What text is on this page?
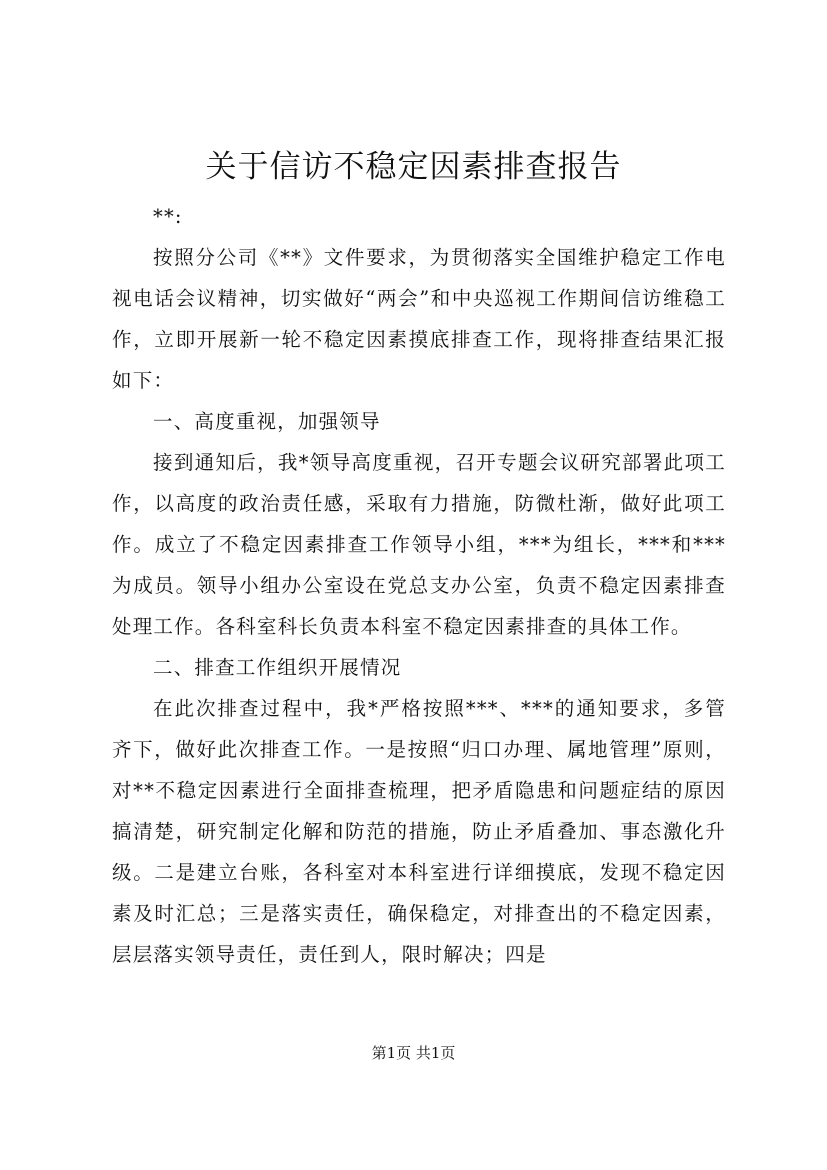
关于信访不稳定因素排查报告

**:

按照分公司《**》文件要求，为贯彻落实全国维护稳定工作电视电话会议精神，切实做好“两会”和中央巡视工作期间信访维稳工作，立即开展新一轮不稳定因素摸底排查工作，现将排查结果汇报如下：

一、高度重视，加强领导

接到通知后，我*领导高度重视，召开专题会议研究部署此项工作，以高度的政治责任感，采取有力措施，防微杜渐，做好此项工作。成立了不稳定因素排查工作领导小组，***为组长，***和***为成员。领导小组办公室设在党总支办公室，负责不稳定因素排查处理工作。各科室科长负责本科室不稳定因素排查的具体工作。

二、排查工作组织开展情况

在此次排查过程中，我*严格按照***、***的通知要求，多管齐下，做好此次排查工作。一是按照“归口办理、属地管理”原则，对**不稳定因素进行全面排查梳理，把矛盾隐患和问题症结的原因搞清楚，研究制定化解和防范的措施，防止矛盾叠加、事态激化升级。二是建立台账，各科室对本科室进行详细摸底，发现不稳定因素及时汇总；三是落实责任，确保稳定，对排查出的不稳定因素，层层落实领导责任，责任到人，限时解决；四是

第1页 共1页
